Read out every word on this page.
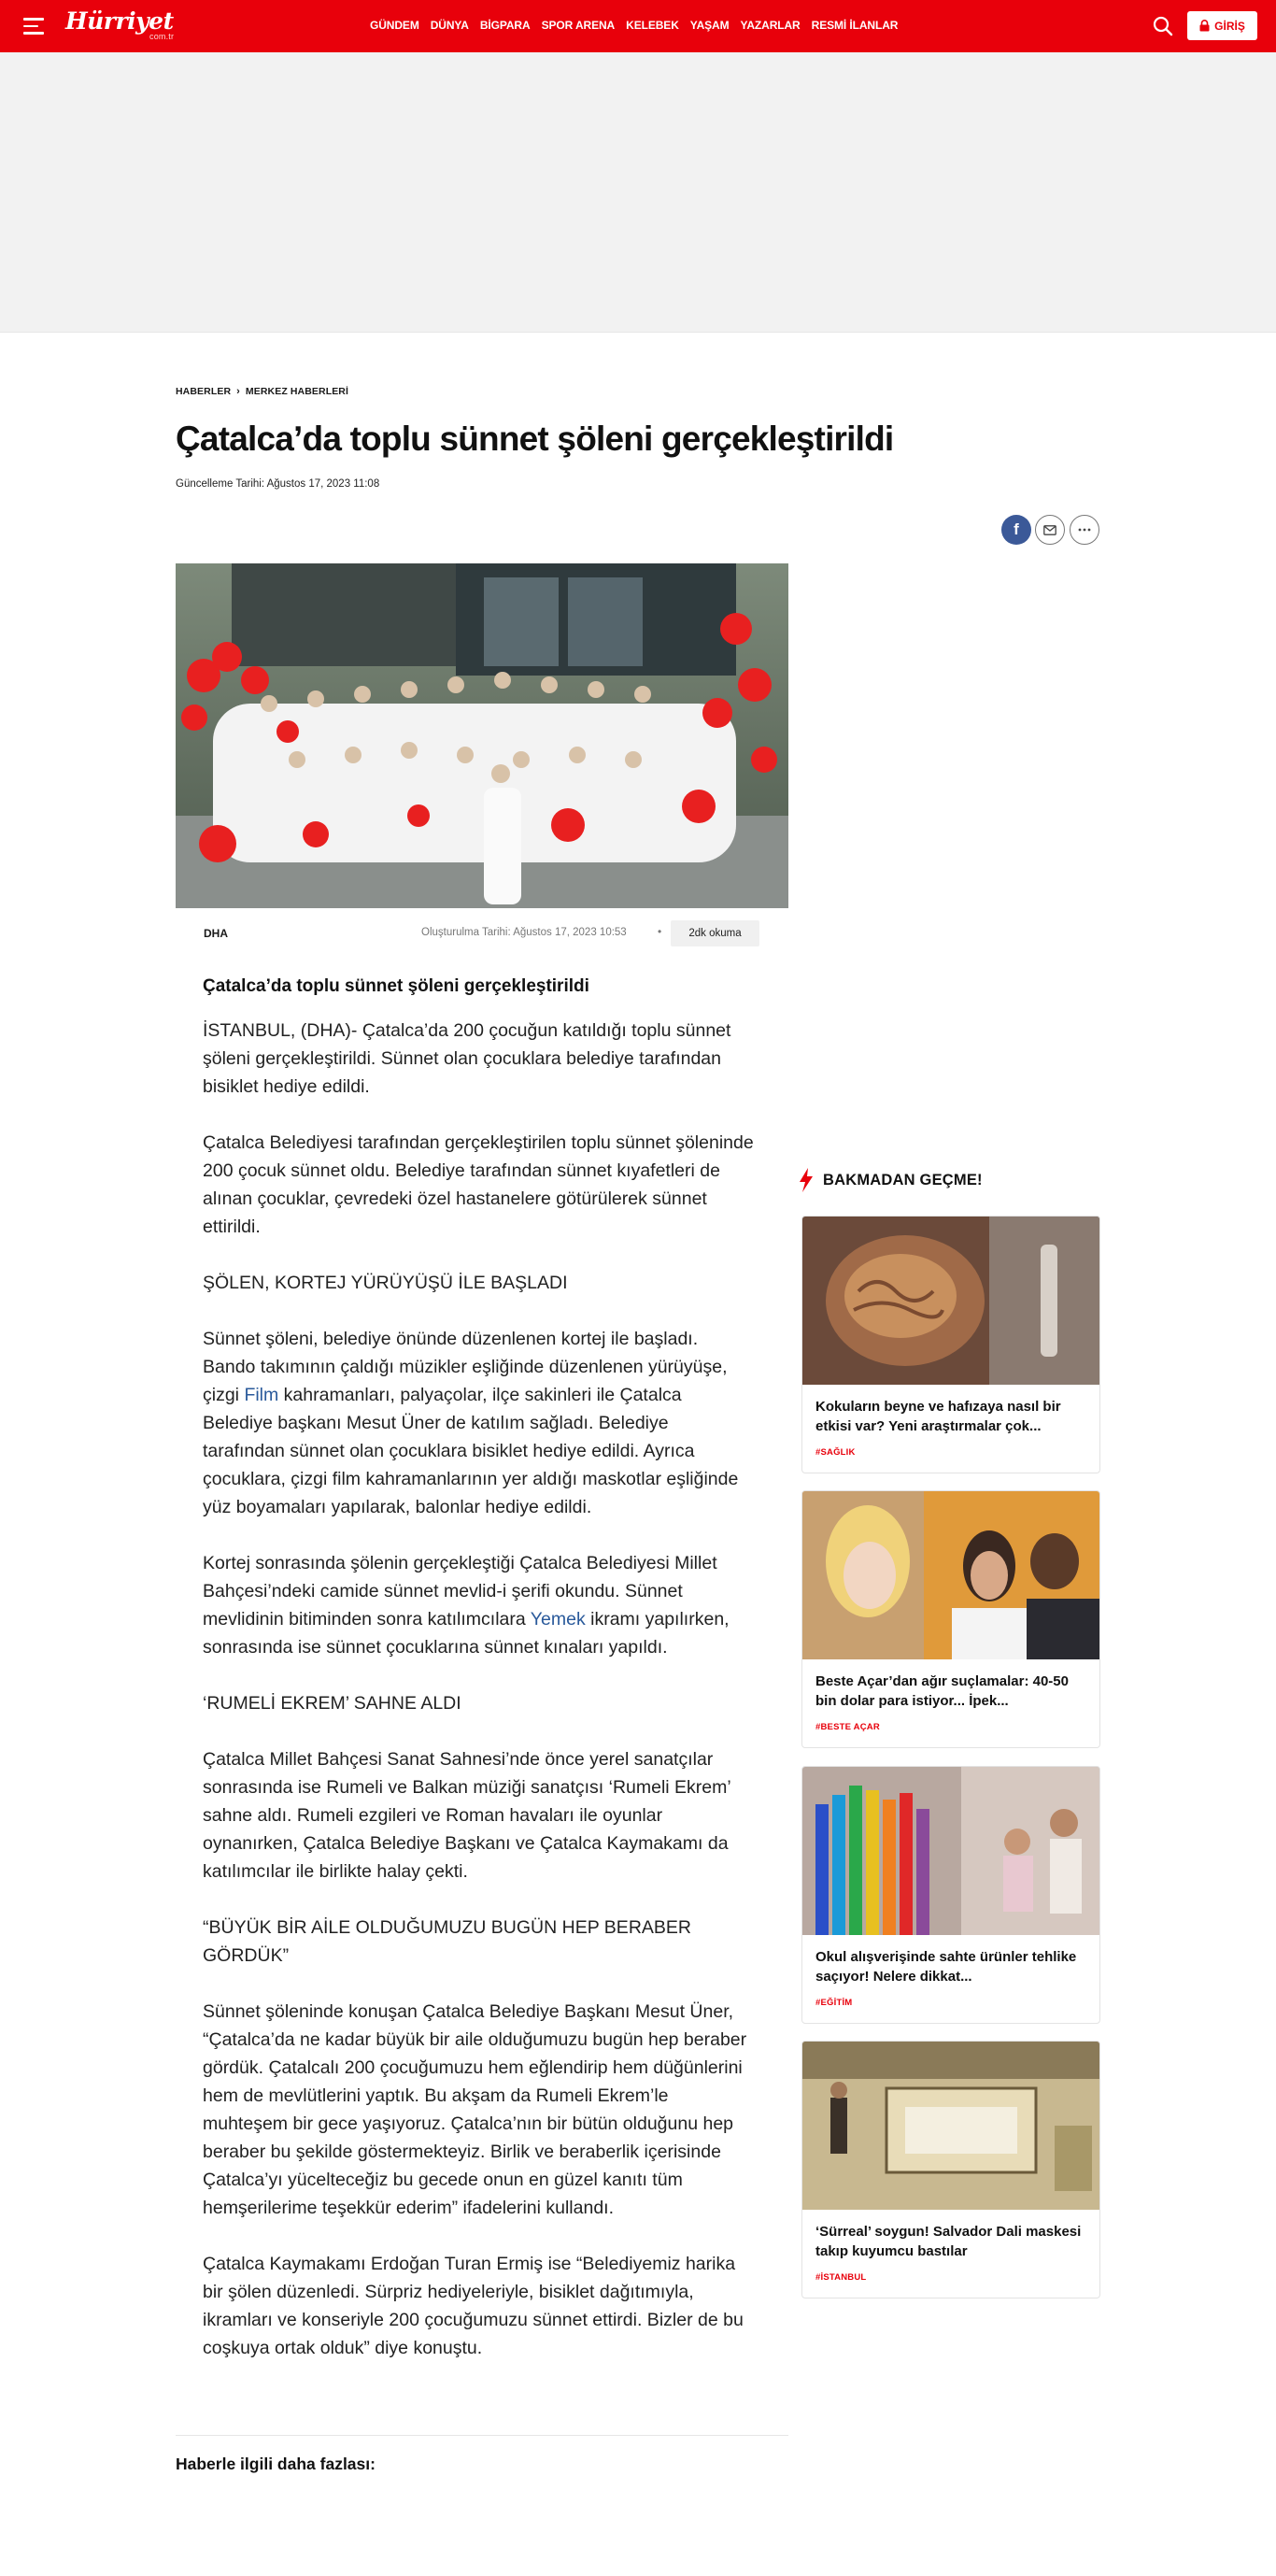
Hürriyet
com.tr
GÜNDEM DÜNYA BİGPARA SPOR ARENA KELEBEK YAŞAM YAZARLAR RESMİ İLANLAR	GİRİŞ
HABERLER › MERKEZ HABERLERİ
Çatalca’da toplu sünnet şöleni gerçekleştirildi
Güncelleme Tarihi: Ağustos 17, 2023 11:08
f
DHA	Oluşturulma Tarihi: Ağustos 17, 2023 10:53	•	2dk okuma
Çatalca’da toplu sünnet şöleni gerçekleştirildi

İSTANBUL, (DHA)- Çatalca’da 200 çocuğun katıldığı toplu sünnet şöleni gerçekleştirildi. Sünnet olan çocuklara belediye tarafından bisiklet hediye edildi.

Çatalca Belediyesi tarafından gerçekleştirilen toplu sünnet şöleninde 200 çocuk sünnet oldu. Belediye tarafından sünnet kıyafetleri de alınan çocuklar, çevredeki özel hastanelere götürülerek sünnet ettirildi.

ŞÖLEN, KORTEJ YÜRÜYÜŞÜ İLE BAŞLADI

Sünnet şöleni, belediye önünde düzenlenen kortej ile başladı. Bando takımının çaldığı müzikler eşliğinde düzenlenen yürüyüşe, çizgi Film kahramanları, palyaçolar, ilçe sakinleri ile Çatalca Belediye başkanı Mesut Üner de katılım sağladı. Belediye tarafından sünnet olan çocuklara bisiklet hediye edildi. Ayrıca çocuklara, çizgi film kahramanlarının yer aldığı maskotlar eşliğinde yüz boyamaları yapılarak, balonlar hediye edildi.

Kortej sonrasında şölenin gerçekleştiği Çatalca Belediyesi Millet Bahçesi’ndeki camide sünnet mevlid-i şerifi okundu. Sünnet mevlidinin bitiminden sonra katılımcılara Yemek ikramı yapılırken, sonrasında ise sünnet çocuklarına sünnet kınaları yapıldı.

‘RUMELİ EKREM’ SAHNE ALDI

Çatalca Millet Bahçesi Sanat Sahnesi’nde önce yerel sanatçılar sonrasında ise Rumeli ve Balkan müziği sanatçısı ‘Rumeli Ekrem’ sahne aldı. Rumeli ezgileri ve Roman havaları ile oyunlar oynanırken, Çatalca Belediye Başkanı ve Çatalca Kaymakamı da katılımcılar ile birlikte halay çekti.

“BÜYÜK BİR AİLE OLDUĞUMUZU BUGÜN HEP BERABER GÖRDÜK”

Sünnet şöleninde konuşan Çatalca Belediye Başkanı Mesut Üner, “Çatalca’da ne kadar büyük bir aile olduğumuzu bugün hep beraber gördük. Çatalcalı 200 çocuğumuzu hem eğlendirip hem düğünlerini hem de mevlütlerini yaptık. Bu akşam da Rumeli Ekrem’le muhteşem bir gece yaşıyoruz. Çatalca’nın bir bütün olduğunu hep beraber bu şekilde göstermekteyiz. Birlik ve beraberlik içerisinde Çatalca’yı yücelteceğiz bu gecede onun en güzel kanıtı tüm hemşerilerime teşekkür ederim” ifadelerini kullandı.

Çatalca Kaymakamı Erdoğan Turan Ermiş ise “Belediyemiz harika bir şölen düzenledi. Sürpriz hediyeleriyle, bisiklet dağıtımıyla, ikramları ve konseriyle 200 çocuğumuzu sünnet ettirdi. Bizler de bu coşkuya ortak olduk” diye konuştu.

Haberle ilgili daha fazlası:
BAKMADAN GEÇME!
Kokuların beyne ve hafızaya nasıl bir etkisi var? Yeni araştırmalar çok...
#SAĞLIK
Beste Açar’dan ağır suçlamalar: 40-50 bin dolar para istiyor... İpek...
#BESTE AÇAR
Okul alışverişinde sahte ürünler tehlike saçıyor! Nelere dikkat...
#EĞİTİM
‘Sürreal’ soygun! Salvador Dali maskesi takıp kuyumcu bastılar
#İSTANBUL
